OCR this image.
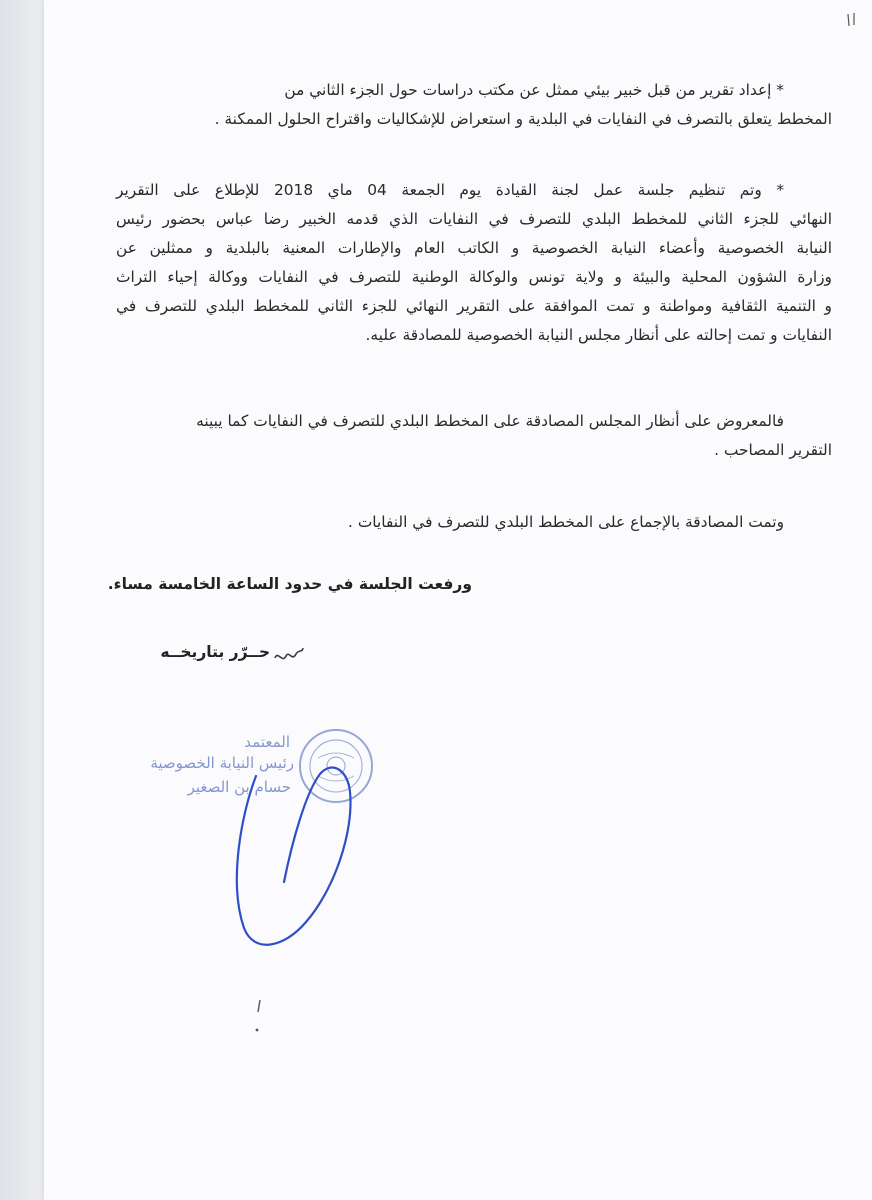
* إعداد تقرير من قبل خبير بيئي ممثل عن مكتب دراسات حول الجزء الثاني من
المخطط يتعلق بالتصرف في النفايات في البلدية و استعراض للإشكاليات واقتراح الحلول الممكنة .
* وتم تنظيم جلسة عمل لجنة القيادة يوم الجمعة 04 ماي 2018 للإطلاع على التقرير
النهائي للجزء الثاني للمخطط البلدي للتصرف في النفايات الذي قدمه الخبير رضا عباس بحضور رئيس
النيابة الخصوصية وأعضاء النيابة الخصوصية و الكاتب العام والإطارات المعنية بالبلدية و ممثلين عن
وزارة الشؤون المحلية والبيئة و ولاية تونس والوكالة الوطنية للتصرف في النفايات ووكالة إحياء التراث
و التنمية الثقافية ومواطنة و تمت الموافقة على التقرير النهائي للجزء الثاني للمخطط البلدي للتصرف في
النفايات و تمت إحالته على أنظار مجلس النيابة الخصوصية للمصادقة عليه.
فالمعروض على أنظار المجلس المصادقة على المخطط البلدي للتصرف في النفايات كما يبينه
التقرير المصاحب .
وتمت المصادقة بالإجماع على المخطط البلدي للتصرف في النفايات .
ورفعت الجلسة في حدود الساعة الخامسة مساء.
حــرّر بتاريخــه
المعتمد
رئيس النيابة الخصوصية
حسام بن الصغير
